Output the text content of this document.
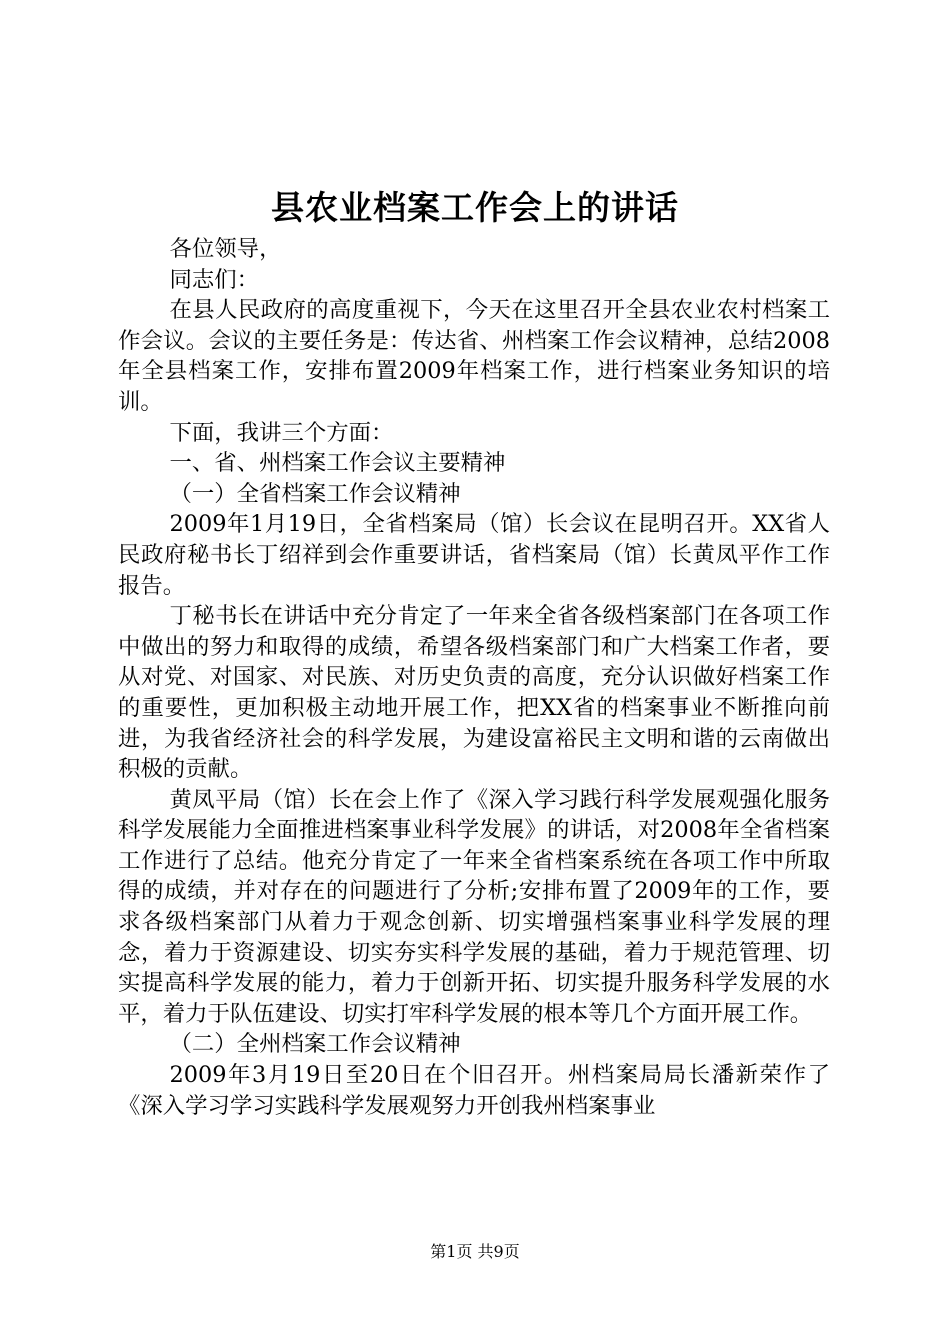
县农业档案工作会上的讲话

各位领导，

同志们：

在县人民政府的高度重视下，今天在这里召开全县农业农村档案工作会议。会议的主要任务是：传达省、州档案工作会议精神，总结2008年全县档案工作，安排布置2009年档案工作，进行档案业务知识的培训。

下面，我讲三个方面：

一、省、州档案工作会议主要精神

（一）全省档案工作会议精神

2009年1月19日，全省档案局（馆）长会议在昆明召开。XX省人民政府秘书长丁绍祥到会作重要讲话，省档案局（馆）长黄凤平作工作报告。

丁秘书长在讲话中充分肯定了一年来全省各级档案部门在各项工作中做出的努力和取得的成绩，希望各级档案部门和广大档案工作者，要从对党、对国家、对民族、对历史负责的高度，充分认识做好档案工作的重要性，更加积极主动地开展工作，把XX省的档案事业不断推向前进，为我省经济社会的科学发展，为建设富裕民主文明和谐的云南做出积极的贡献。

黄凤平局（馆）长在会上作了《深入学习践行科学发展观强化服务科学发展能力全面推进档案事业科学发展》的讲话，对2008年全省档案工作进行了总结。他充分肯定了一年来全省档案系统在各项工作中所取得的成绩，并对存在的问题进行了分析;安排布置了2009年的工作，要求各级档案部门从着力于观念创新、切实增强档案事业科学发展的理念，着力于资源建设、切实夯实科学发展的基础，着力于规范管理、切实提高科学发展的能力，着力于创新开拓、切实提升服务科学发展的水平，着力于队伍建设、切实打牢科学发展的根本等几个方面开展工作。

（二）全州档案工作会议精神

2009年3月19日至20日在个旧召开。州档案局局长潘新荣作了《深入学习学习实践科学发展观努力开创我州档案事业

第1页 共9页
